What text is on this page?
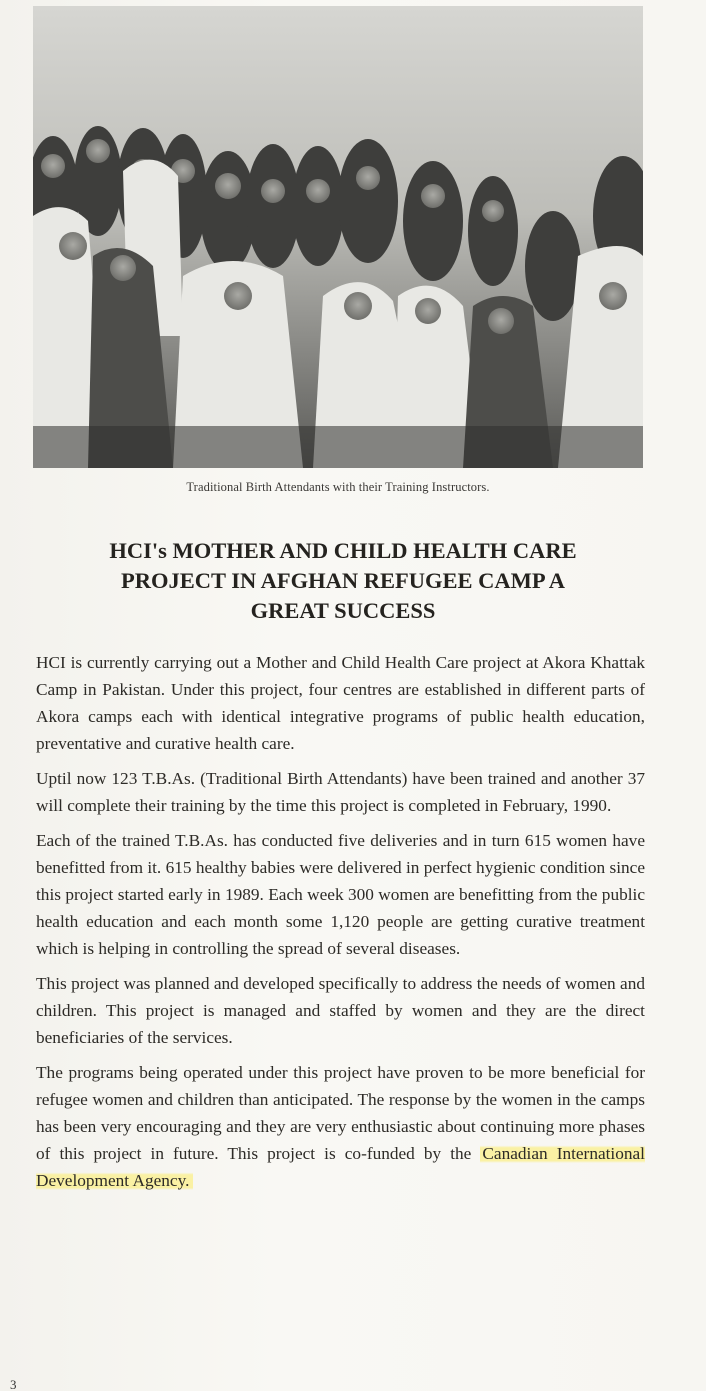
Traditional Birth Attendants with their Training Instructors.
HCI's MOTHER AND CHILD HEALTH CARE
PROJECT IN AFGHAN REFUGEE CAMP A
GREAT SUCCESS

HCI is currently carrying out a Mother and Child Health Care project at Akora Khattak Camp in Pakistan. Under this project, four centres are established in different parts of Akora camps each with identical integrative programs of public health education, preventative and curative health care.

Uptil now 123 T.B.As. (Traditional Birth Attendants) have been trained and another 37 will complete their training by the time this project is completed in February, 1990.

Each of the trained T.B.As. has conducted five deliveries and in turn 615 women have benefitted from it. 615 healthy babies were delivered in perfect hygienic condition since this project started early in 1989. Each week 300 women are benefitting from the public health education and each month some 1,120 people are getting curative treatment which is helping in controlling the spread of several diseases.

This project was planned and developed specifically to address the needs of women and children. This project is managed and staffed by women and they are the direct beneficiaries of the services.

The programs being operated under this project have proven to be more beneficial for refugee women and children than anticipated. The response by the women in the camps has been very encouraging and they are very enthusiastic about continuing more phases of this project in future. This project is co-funded by the Canadian International Development Agency.

3
